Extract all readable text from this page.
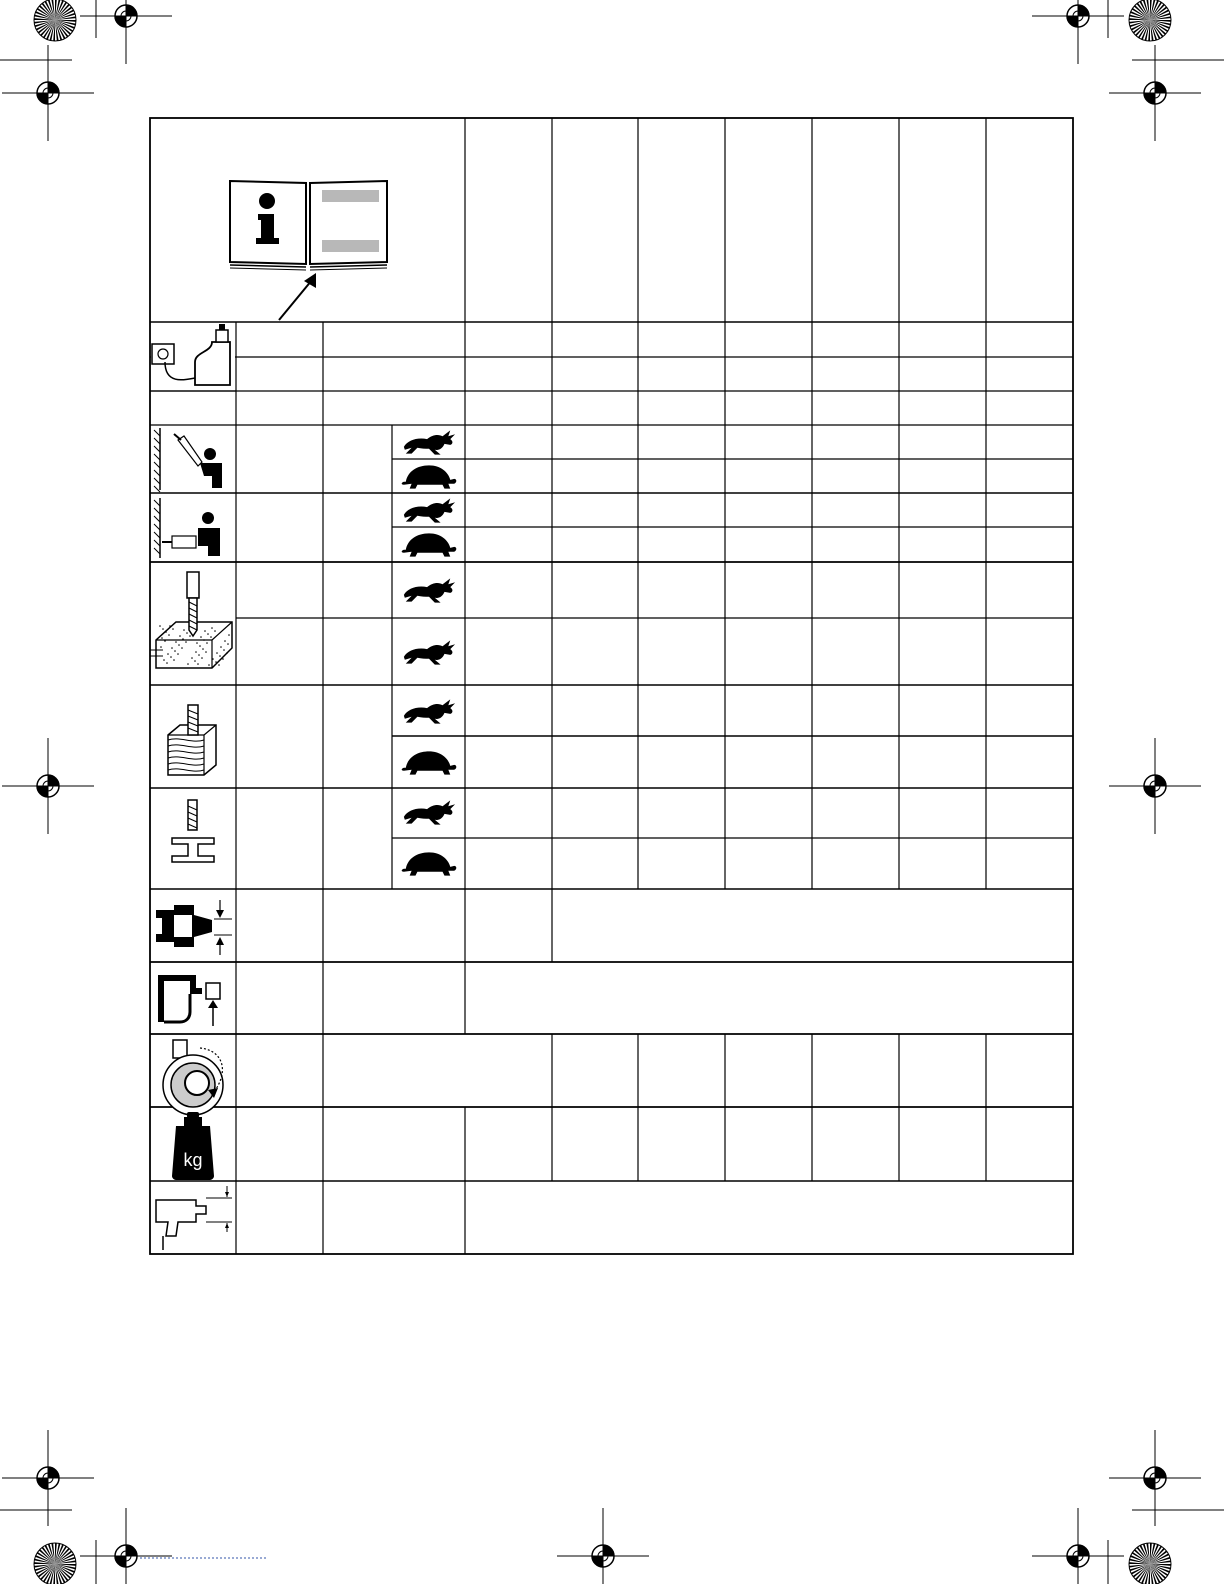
kg
